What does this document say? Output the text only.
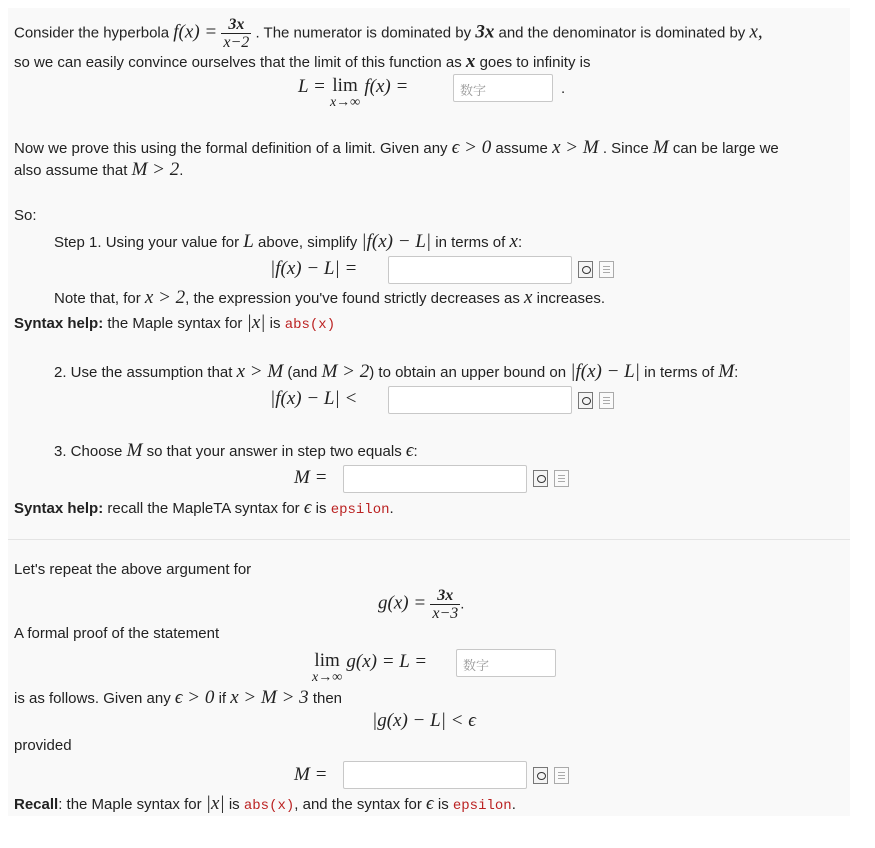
Consider the hyperbola $f(x) = \frac{3x}{x-2}$ . The numerator is dominated by 3x and the denominator is dominated by x,
so we can easily convince ourselves that the limit of this function as x goes to infinity is
L = lim
x→∞
f(x) =	数字	.
Now we prove this using the formal definition of a limit. Given any ϵ > 0 assume x > M . Since M can be large we
also assume that M > 2.
So:
Step 1. Using your value for L above, simplify |f(x) − L| in terms of x:
|f(x) − L| =
Note that, for x > 2, the expression you've found strictly decreases as x increases.
Syntax help: the Maple syntax for |x| is abs(x)
2. Use the assumption that x > M (and M > 2) to obtain an upper bound on |f(x) − L| in terms of M:
|f(x) − L| <
3. Choose M so that your answer in step two equals ϵ:
M =
Syntax help: recall the MapleTA syntax for ϵ is epsilon.
Let's repeat the above argument for
$g(x) = \frac{3x}{x-3}$ .
A formal proof of the statement
lim
x→∞
g(x) = L =	数字
is as follows. Given any ϵ > 0 if x > M > 3 then
|g(x) − L| < ϵ
provided
M =
Recall: the Maple syntax for |x| is abs(x), and the syntax for ϵ is epsilon.
